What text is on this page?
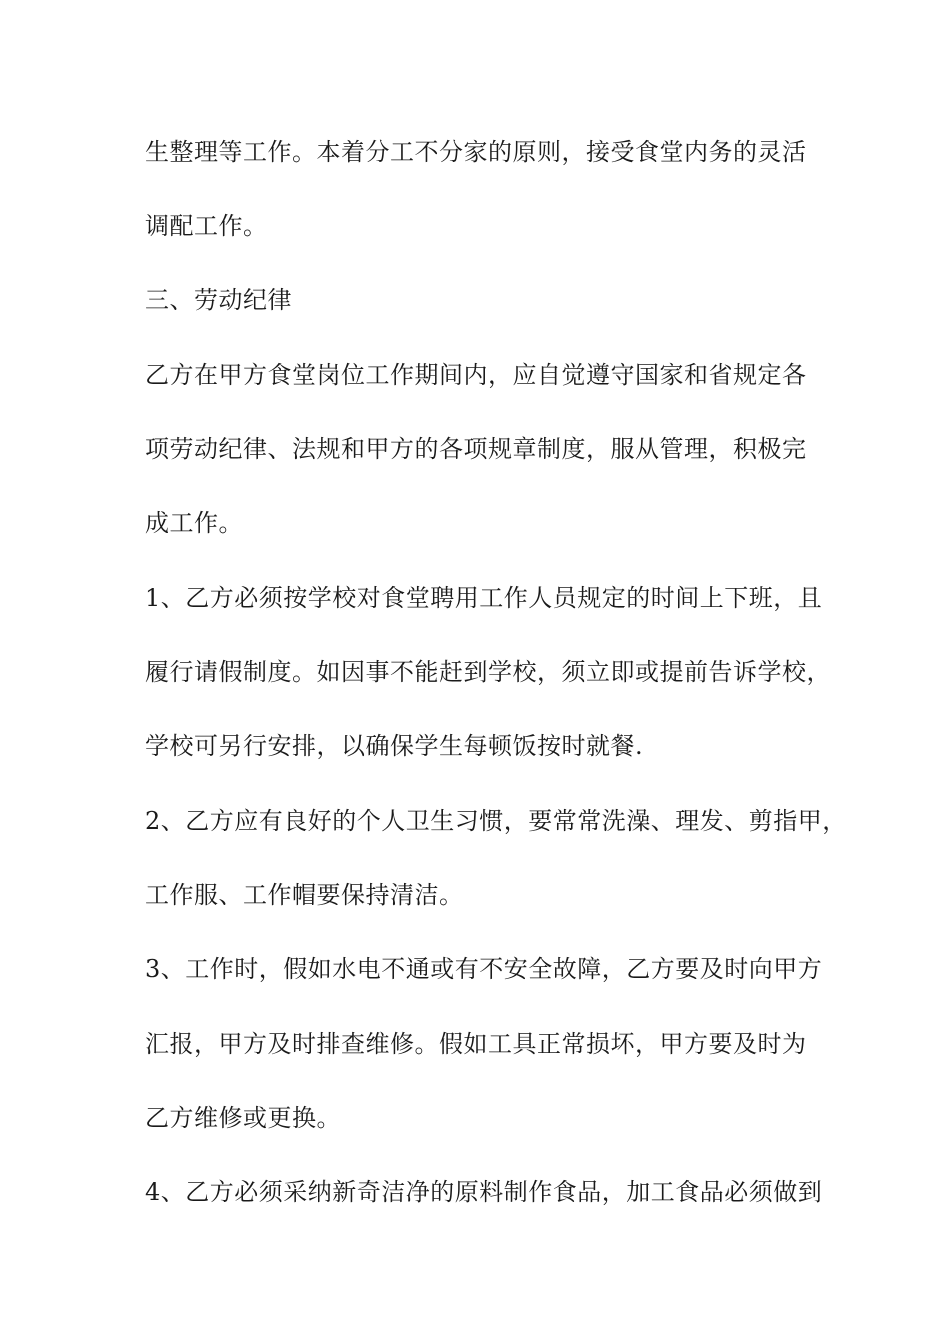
生整理等工作。本着分工不分家的原则，接受食堂内务的灵活
调配工作。
三、劳动纪律
乙方在甲方食堂岗位工作期间内，应自觉遵守国家和省规定各
项劳动纪律、法规和甲方的各项规章制度，服从管理，积极完
成工作。
1、乙方必须按学校对食堂聘用工作人员规定的时间上下班，且
履行请假制度。如因事不能赶到学校，须立即或提前告诉学校，
学校可另行安排，以确保学生每顿饭按时就餐.
2、乙方应有良好的个人卫生习惯，要常常洗澡、理发、剪指甲，
工作服、工作帽要保持清洁。
3、工作时，假如水电不通或有不安全故障，乙方要及时向甲方
汇报，甲方及时排查维修。假如工具正常损坏，甲方要及时为
乙方维修或更换。
4、乙方必须采纳新奇洁净的原料制作食品，加工食品必须做到
